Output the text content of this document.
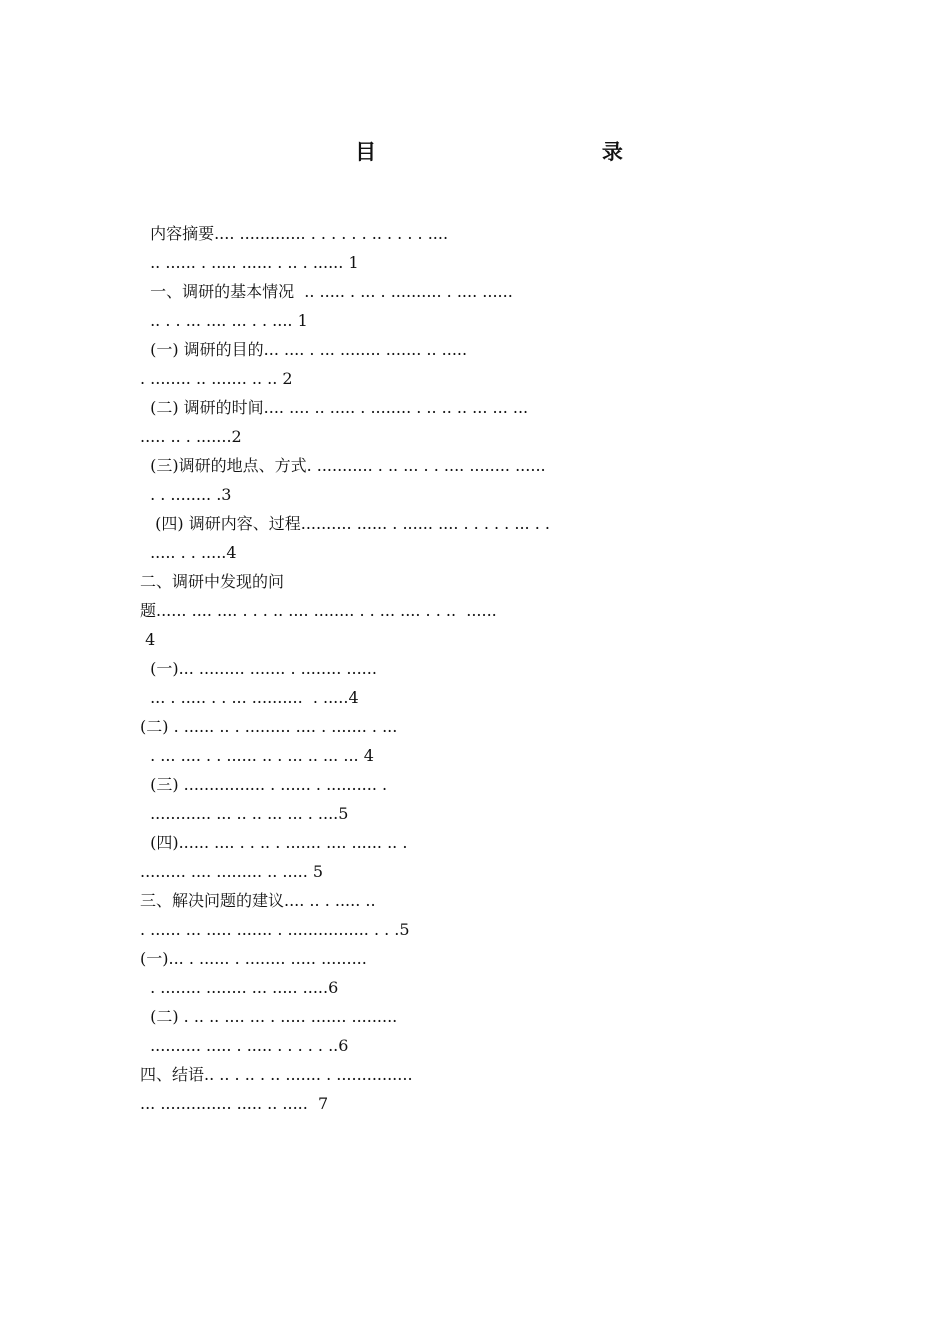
目      录
内容摘要.... ............. . . . . . . .. . . . . ....
.. ...... . ..... ...... . .. . ...... 1
一、调研的基本情况  .. ..... . ... . .......... . .... ......
.. . . ... .... ... . . .... 1
(一) 调研的目的... .... . ... ........ ....... .. .....
. ........ .. ....... .. .. 2
(二) 调研的时间.... .... .. ..... . ........ . .. .. .. ... ... ...
..... .. . .......2
(三)调研的地点、方式. ........... . .. ... . . .... ........ ......
. . ........ .3
(四) 调研内容、过程.......... ...... . ...... .... . . . . . ... . .
..... . . .....4
二、调研中发现的问
题...... .... .... . . . .. .... ........ . . ... .... . . ..  ......
4
(一)... ......... ....... . ........ ......
... . ..... . . ... ..........  . .....4
(二) . ...... .. . ......... .... . ....... . ...
. ... .... . . ...... .. . ... .. ... ... 4
(三) ................ . ...... . .......... .
............ ... .. .. ... ... . ....5
(四)...... .... . . .. . ....... .... ...... .. .
......... .... ......... .. ..... 5
三、解决问题的建议.... .. . ..... ..
. ...... ... ..... ....... . ................ . . .5
(一)... . ...... . ........ ..... .........
. ........ ........ ... ..... .....6
(二) . .. .. .... ... . ..... ....... .........
.......... ..... . ..... . . . . . ..6
四、结语.. .. . .. . .. ....... . ...............
... .............. ..... .. .....  7
